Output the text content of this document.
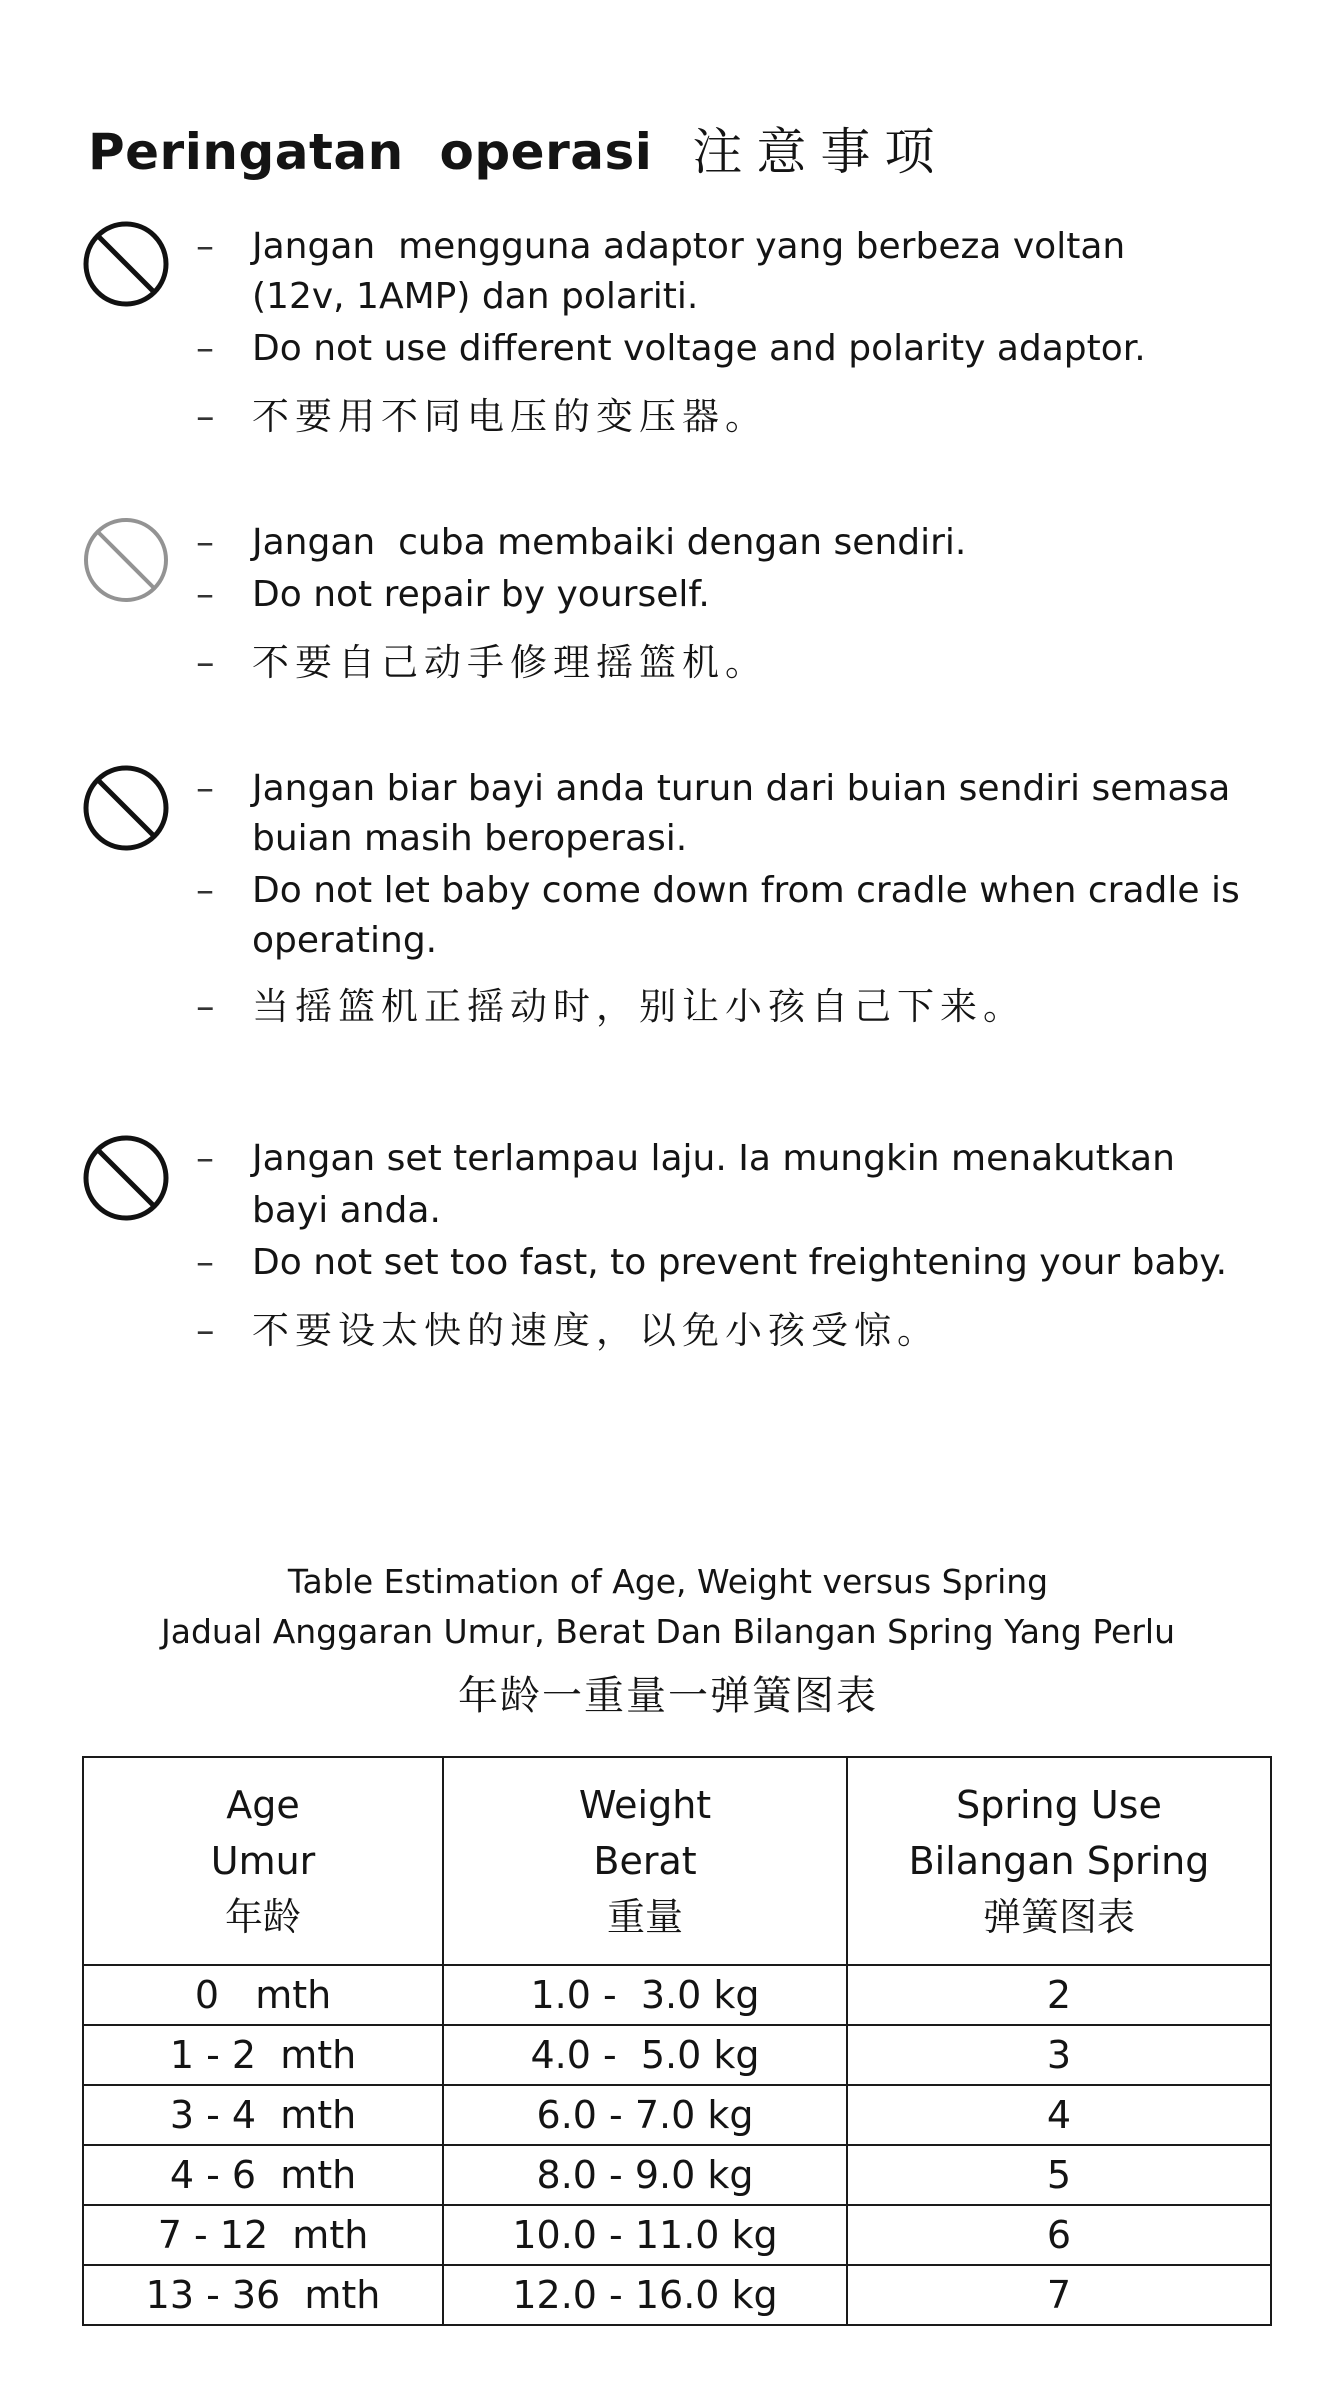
Peringatan  operasi 注意事项
– Jangan  mengguna adaptor yang berbeza voltan
(12v, 1AMP) dan polariti.
– Do not use different voltage and polarity adaptor.
– 不要用不同电压的变压器。
– Jangan  cuba membaiki dengan sendiri.
– Do not repair by yourself.
– 不要自己动手修理摇篮机。
– Jangan biar bayi anda turun dari buian sendiri semasa
buian masih beroperasi.
– Do not let baby come down from cradle when cradle is
operating.
– 当摇篮机正摇动时，别让小孩自己下来。
– Jangan set terlampau laju. Ia mungkin menakutkan
bayi anda.
– Do not set too fast, to prevent freightening your baby.
– 不要设太快的速度，以免小孩受惊。
Table Estimation of Age, Weight versus Spring
Jadual Anggaran Umur, Berat Dan Bilangan Spring Yang Perlu
年龄一重量一弹簧图表
Age
Umur
年龄	Weight
Berat
重量	Spring Use
Bilangan Spring
弹簧图表

0   mth	1.0 -  3.0 kg	2
1 - 2  mth	4.0 -  5.0 kg	3
3 - 4  mth	6.0 - 7.0 kg	4
4 - 6  mth	8.0 - 9.0 kg	5
7 - 12  mth	10.0 - 11.0 kg	6
13 - 36  mth	12.0 - 16.0 kg	7
